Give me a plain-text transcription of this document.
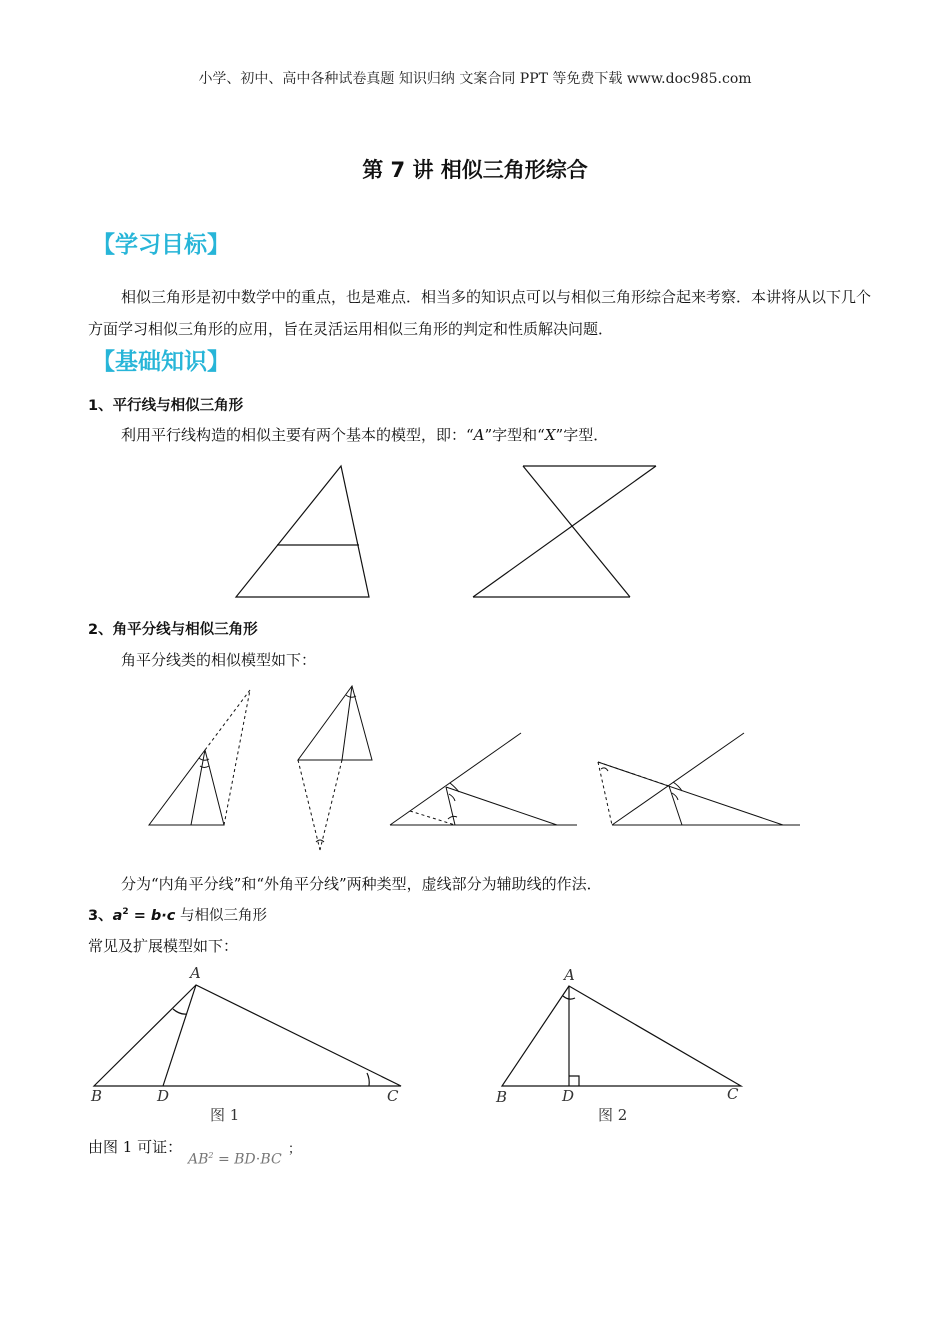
小学、初中、高中各种试卷真题 知识归纳 文案合同 PPT 等免费下载 www.doc985.com
第 7 讲 相似三角形综合
【学习目标】
相似三角形是初中数学中的重点，也是难点．相当多的知识点可以与相似三角形综合起来考察．本讲将从以下几个方面学习相似三角形的应用，旨在灵活运用相似三角形的判定和性质解决问题．
【基础知识】
1、平行线与相似三角形
利用平行线构造的相似主要有两个基本的模型，即：“A”字型和“X”字型．
2、角平分线与相似三角形
角平分线类的相似模型如下：
分为“内角平分线”和“外角平分线”两种类型，虚线部分为辅助线的作法．
3、$a^2 = b\cdot c$ 与相似三角形
常见及扩展模型如下：
A
B	D	C
图 1
A
B	D	C
图 2
由图 1 可证：
$AB^2 = BD\cdot BC$
；
